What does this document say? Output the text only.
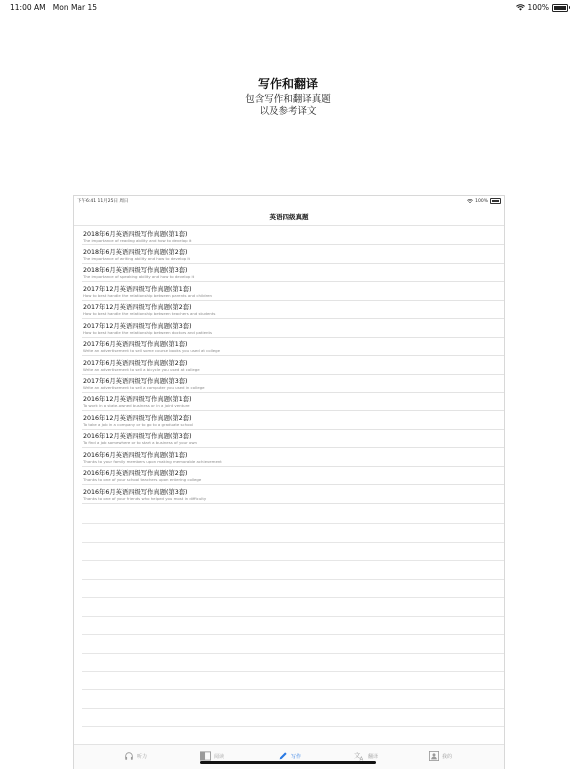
11:00 AM Mon Mar 15	100%
写作和翻译
包含写作和翻译真题
以及参考译文
下午6:41 11月25日 周日	100%
英语四级真题
2018年6月英语四级写作真题(第1套)
The importance of reading ability and how to develop it
2018年6月英语四级写作真题(第2套)
The importance of writing ability and how to develop it
2018年6月英语四级写作真题(第3套)
The importance of speaking ability and how to develop it
2017年12月英语四级写作真题(第1套)
How to best handle the relationship between parents and children
2017年12月英语四级写作真题(第2套)
How to best handle the relationship between teachers and students
2017年12月英语四级写作真题(第3套)
How to best handle the relationship between doctors and patients
2017年6月英语四级写作真题(第1套)
Write an advertisement to sell some course books you used at college
2017年6月英语四级写作真题(第2套)
Write an advertisement to sell a bicycle you used at college
2017年6月英语四级写作真题(第3套)
Write an advertisement to sell a computer you used in college
2016年12月英语四级写作真题(第1套)
To work in a state-owned business or in a joint venture
2016年12月英语四级写作真题(第2套)
To take a job in a company or to go to a graduate school
2016年12月英语四级写作真题(第3套)
To find a job somewhere or to start a business of your own
2016年6月英语四级写作真题(第1套)
Thanks to your family members upon making memorable achievement
2016年6月英语四级写作真题(第2套)
Thanks to one of your school teachers upon entering college
2016年6月英语四级写作真题(第3套)
Thanks to one of your friends who helped you most in difficulty
听力	阅读	写作	文
A
翻译	我的
